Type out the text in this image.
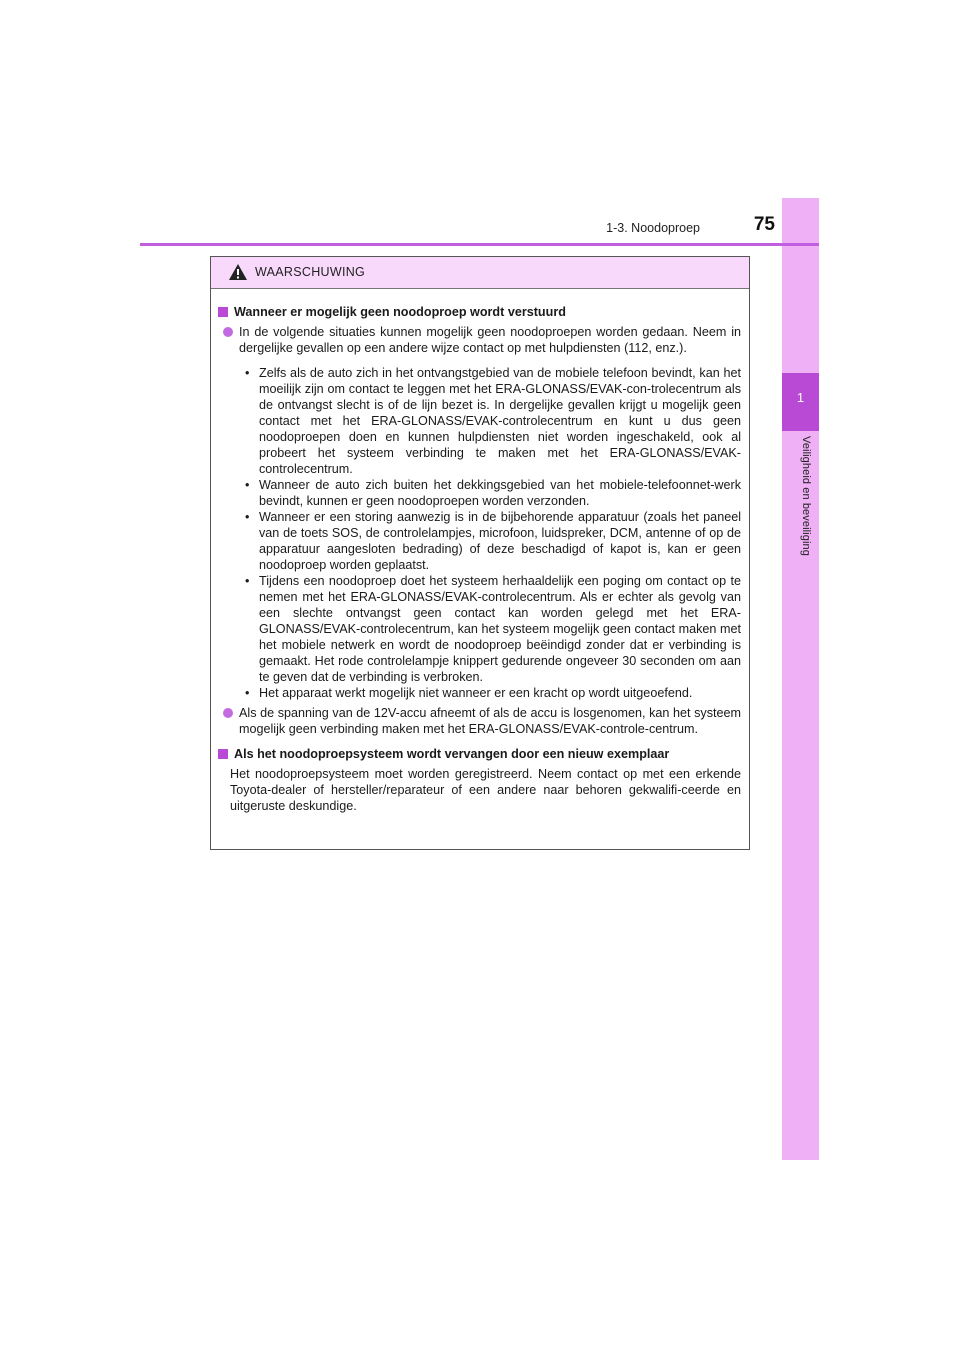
1
Veiligheid en beveiliging
1-3. Noodoproep	75
WAARSCHUWING
Wanneer er mogelijk geen noodoproep wordt verstuurd
In de volgende situaties kunnen mogelijk geen noodoproepen worden gedaan. Neem in dergelijke gevallen op een andere wijze contact op met hulpdiensten (112, enz.).
• Zelfs als de auto zich in het ontvangstgebied van de mobiele telefoon bevindt, kan het moeilijk zijn om contact te leggen met het ERA-GLONASS/EVAK-con-trolecentrum als de ontvangst slecht is of de lijn bezet is. In dergelijke gevallen krijgt u mogelijk geen contact met het ERA-GLONASS/EVAK-controlecentrum en kunt u dus geen noodoproepen doen en kunnen hulpdiensten niet worden ingeschakeld, ook al probeert het systeem verbinding te maken met het ERA-GLONASS/EVAK-controlecentrum.
• Wanneer de auto zich buiten het dekkingsgebied van het mobiele-telefoonnet-werk bevindt, kunnen er geen noodoproepen worden verzonden.
• Wanneer er een storing aanwezig is in de bijbehorende apparatuur (zoals het paneel van de toets SOS, de controlelampjes, microfoon, luidspreker, DCM, antenne of op de apparatuur aangesloten bedrading) of deze beschadigd of kapot is, kan er geen noodoproep worden geplaatst.
• Tijdens een noodoproep doet het systeem herhaaldelijk een poging om contact op te nemen met het ERA-GLONASS/EVAK-controlecentrum. Als er echter als gevolg van een slechte ontvangst geen contact kan worden gelegd met het ERA-GLONASS/EVAK-controlecentrum, kan het systeem mogelijk geen contact maken met het mobiele netwerk en wordt de noodoproep beëindigd zonder dat er verbinding is gemaakt. Het rode controlelampje knippert gedurende ongeveer 30 seconden om aan te geven dat de verbinding is verbroken.
• Het apparaat werkt mogelijk niet wanneer er een kracht op wordt uitgeoefend.
Als de spanning van de 12V-accu afneemt of als de accu is losgenomen, kan het systeem mogelijk geen verbinding maken met het ERA-GLONASS/EVAK-controle-centrum.
Als het noodoproepsysteem wordt vervangen door een nieuw exemplaar
Het noodoproepsysteem moet worden geregistreerd. Neem contact op met een erkende Toyota-dealer of hersteller/reparateur of een andere naar behoren gekwalifi-ceerde en uitgeruste deskundige.
